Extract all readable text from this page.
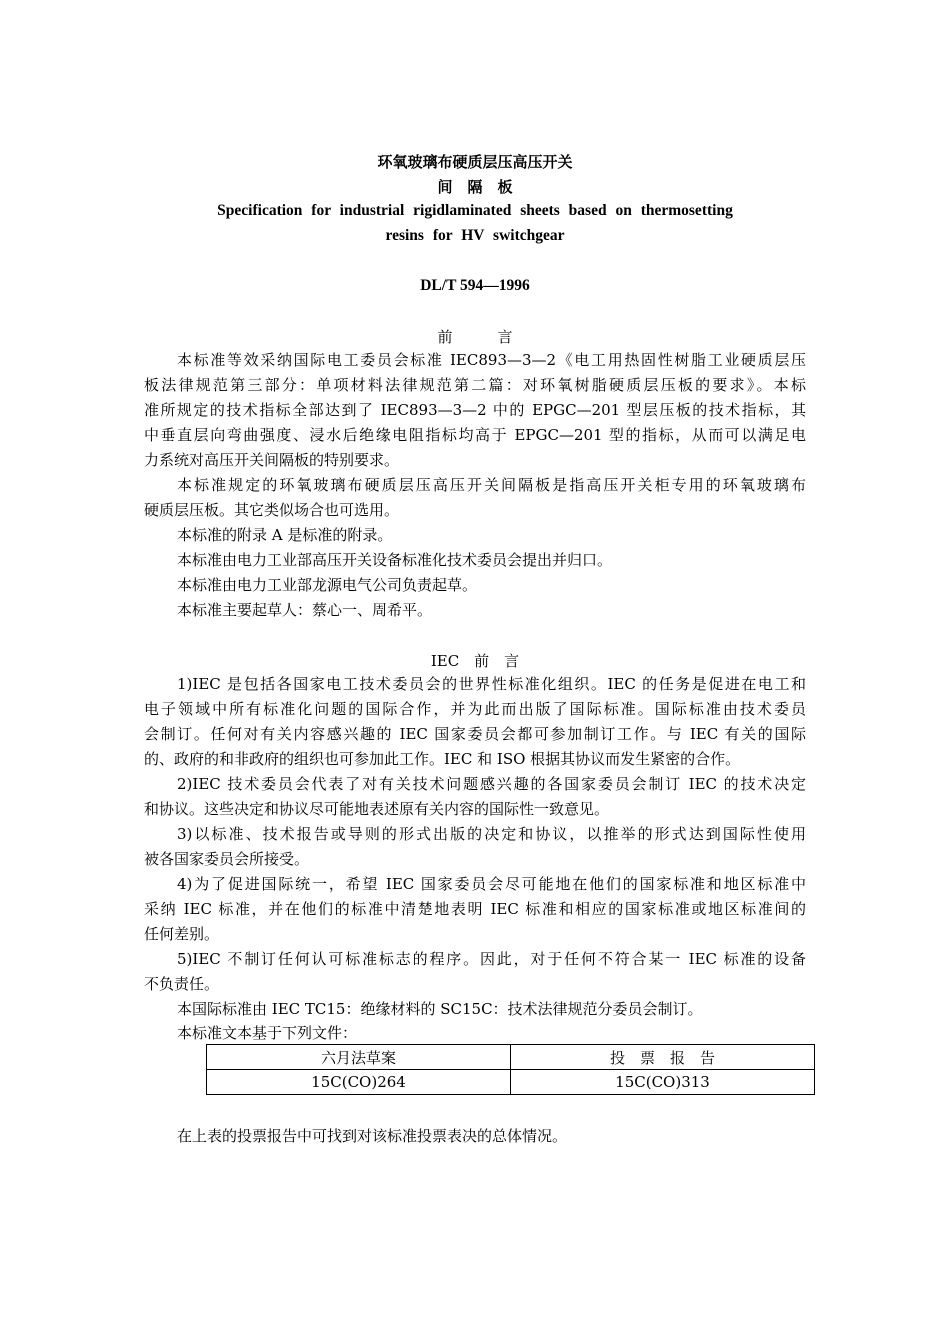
环氧玻璃布硬质层压高压开关
间　隔　板
Specification for industrial rigidlaminated sheets based on thermosetting
resins for HV switchgear
DL/T 594—1996
前　　　言
本标准等效采纳国际电工委员会标准 IEC893—3—2《电工用热固性树脂工业硬质层压
板法律规范第三部分：单项材料法律规范第二篇：对环氧树脂硬质层压板的要求》。本标
准所规定的技术指标全部达到了 IEC893—3—2 中的 EPGC—201 型层压板的技术指标，其
中垂直层向弯曲强度、浸水后绝缘电阻指标均高于 EPGC—201 型的指标，从而可以满足电
力系统对高压开关间隔板的特别要求。
本标准规定的环氧玻璃布硬质层压高压开关间隔板是指高压开关柜专用的环氧玻璃布
硬质层压板。其它类似场合也可选用。
本标准的附录 A 是标准的附录。
本标准由电力工业部高压开关设备标准化技术委员会提出并归口。
本标准由电力工业部龙源电气公司负责起草。
本标准主要起草人：蔡心一、周希平。
IEC　前　言
1)IEC 是包括各国家电工技术委员会的世界性标准化组织。IEC 的任务是促进在电工和
电子领域中所有标准化问题的国际合作，并为此而出版了国际标准。国际标准由技术委员
会制订。任何对有关内容感兴趣的 IEC 国家委员会都可参加制订工作。与 IEC 有关的国际
的、政府的和非政府的组织也可参加此工作。IEC 和 ISO 根据其协议而发生紧密的合作。
2)IEC 技术委员会代表了对有关技术问题感兴趣的各国家委员会制订 IEC 的技术决定
和协议。这些决定和协议尽可能地表述原有关内容的国际性一致意见。
3)以标准、技术报告或导则的形式出版的决定和协议，以推举的形式达到国际性使用
被各国家委员会所接受。
4)为了促进国际统一，希望 IEC 国家委员会尽可能地在他们的国家标准和地区标准中
采纳 IEC 标准，并在他们的标准中清楚地表明 IEC 标准和相应的国家标准或地区标准间的
任何差别。
5)IEC 不制订任何认可标准标志的程序。因此，对于任何不符合某一 IEC 标准的设备
不负责任。
本国际标准由 IEC TC15：绝缘材料的 SC15C：技术法律规范分委员会制订。
本标准文本基于下列文件：
六月法草案	投　票　报　告
15C(CO)264	15C(CO)313
在上表的投票报告中可找到对该标准投票表决的总体情况。
